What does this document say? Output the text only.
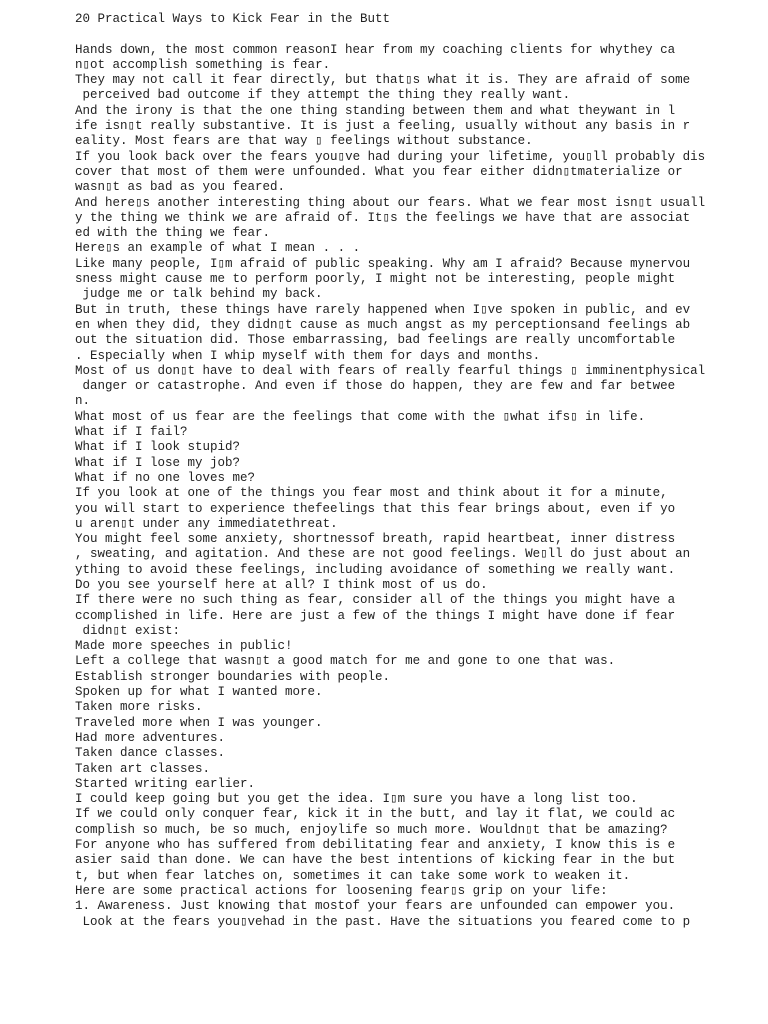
20 Practical Ways to Kick Fear in the Butt
Hands down, the most common reasonI hear from my coaching clients for whythey ca
n▯ot accomplish something is fear.
They may not call it fear directly, but that▯s what it is. They are afraid of some
perceived bad outcome if they attempt the thing they really want.
And the irony is that the one thing standing between them and what theywant in l
ife isn▯t really substantive. It is just a feeling, usually without any basis in r
eality. Most fears are that way ▯ feelings without substance.
If you look back over the fears you▯ve had during your lifetime, you▯ll probably dis
cover that most of them were unfounded. What you fear either didn▯tmaterialize or
wasn▯t as bad as you feared.
And here▯s another interesting thing about our fears. What we fear most isn▯t usuall
y the thing we think we are afraid of. It▯s the feelings we have that are associat
ed with the thing we fear.
Here▯s an example of what I mean . . .
Like many people, I▯m afraid of public speaking. Why am I afraid? Because mynervou
sness might cause me to perform poorly, I might not be interesting, people might
judge me or talk behind my back.
But in truth, these things have rarely happened when I▯ve spoken in public, and ev
en when they did, they didn▯t cause as much angst as my perceptionsand feelings ab
out the situation did. Those embarrassing, bad feelings are really uncomfortable
. Especially when I whip myself with them for days and months.
Most of us don▯t have to deal with fears of really fearful things ▯ imminentphysical
danger or catastrophe. And even if those do happen, they are few and far betwee
n.
What most of us fear are the feelings that come with the ▯what ifs▯ in life.
What if I fail?
What if I look stupid?
What if I lose my job?
What if no one loves me?
If you look at one of the things you fear most and think about it for a minute,
you will start to experience thefeelings that this fear brings about, even if yo
u aren▯t under any immediatethreat.
You might feel some anxiety, shortnessof breath, rapid heartbeat, inner distress
, sweating, and agitation. And these are not good feelings. We▯ll do just about an
ything to avoid these feelings, including avoidance of something we really want.
Do you see yourself here at all? I think most of us do.
If there were no such thing as fear, consider all of the things you might have a
ccomplished in life. Here are just a few of the things I might have done if fear
didn▯t exist:
Made more speeches in public!
Left a college that wasn▯t a good match for me and gone to one that was.
Establish stronger boundaries with people.
Spoken up for what I wanted more.
Taken more risks.
Traveled more when I was younger.
Had more adventures.
Taken dance classes.
Taken art classes.
Started writing earlier.
I could keep going but you get the idea. I▯m sure you have a long list too.
If we could only conquer fear, kick it in the butt, and lay it flat, we could ac
complish so much, be so much, enjoylife so much more. Wouldn▯t that be amazing?
For anyone who has suffered from debilitating fear and anxiety, I know this is e
asier said than done. We can have the best intentions of kicking fear in the but
t, but when fear latches on, sometimes it can take some work to weaken it.
Here are some practical actions for loosening fear▯s grip on your life:
1. Awareness. Just knowing that mostof your fears are unfounded can empower you.
Look at the fears you▯vehad in the past. Have the situations you feared come to p
